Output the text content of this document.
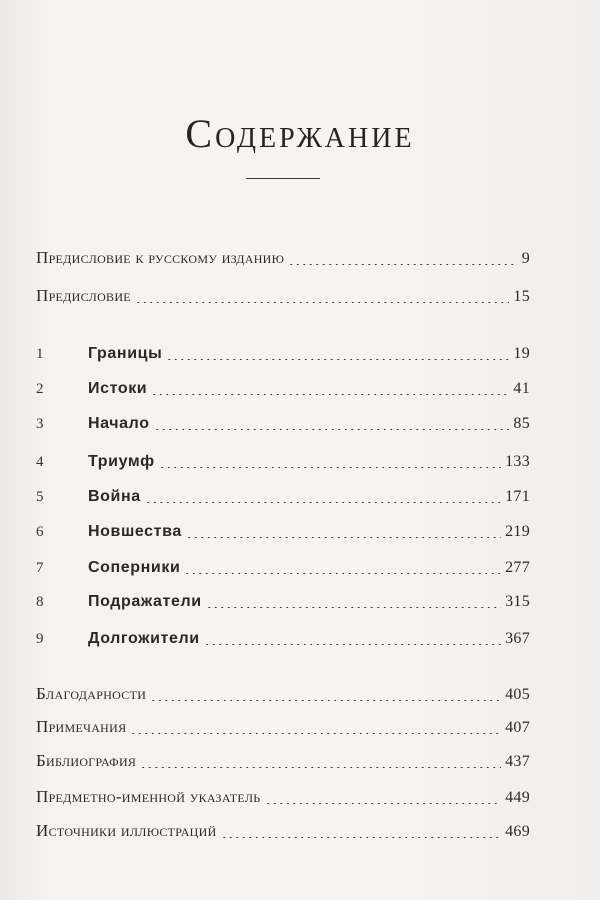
Содержание
Предисловие к русскому изданию	9
Предисловие	15
1	Границы	19
2	Истоки	41
3	Начало	85
4	Триумф	133
5	Война	171
6	Новшества	219
7	Соперники	277
8	Подражатели	315
9	Долгожители	367
Благодарности	405
Примечания	407
Библиография	437
Предметно-именной указатель	449
Источники иллюстраций	469
